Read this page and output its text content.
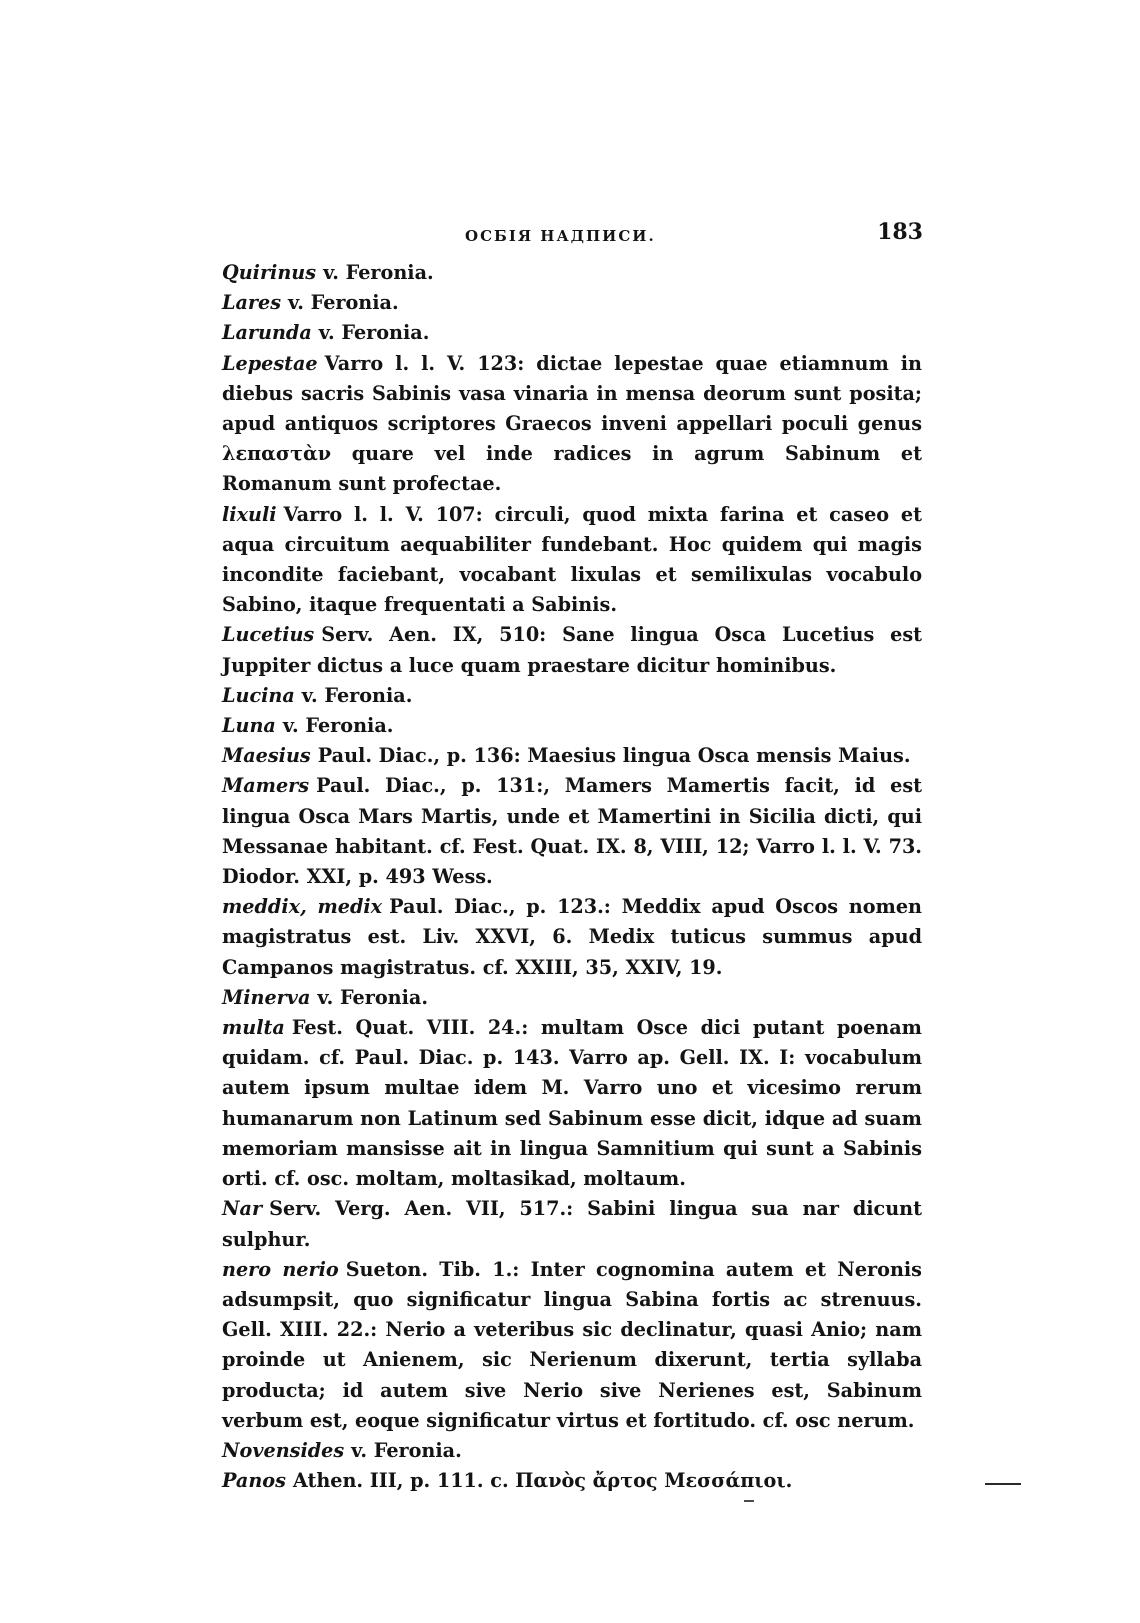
ОСБІЯ НАДПИСИ.	183

Quirinus v. Feronia.

Lares v. Feronia.

Larunda v. Feronia.

Lepestae Varro l. l. V. 123: dictae lepestae quae etiamnum in diebus sacris Sabinis vasa vinaria in mensa deorum sunt posita; apud antiquos scriptores Graecos inveni appellari poculi genus λεπαστὰν quare vel inde radices in agrum Sabinum et Romanum sunt profectae.

lixuli Varro l. l. V. 107: circuli, quod mixta farina et caseo et aqua circuitum aequabiliter fundebant. Hoc quidem qui magis incondite faciebant, vocabant lixulas et semilixulas vocabulo Sabino, itaque frequentati a Sabinis.

Lucetius Serv. Aen. IX, 510: Sane lingua Osca Lucetius est Juppiter dictus a luce quam praestare dicitur hominibus.

Lucina v. Feronia.

Luna v. Feronia.

Maesius Paul. Diac., p. 136: Maesius lingua Osca mensis Maius.

Mamers Paul. Diac., p. 131:, Mamers Mamertis facit, id est lingua Osca Mars Martis, unde et Mamertini in Sicilia dicti, qui Messanae habitant. cf. Fest. Quat. IX. 8, VIII, 12; Varro l. l. V. 73. Diodor. XXI, p. 493 Wess.

meddix, medix Paul. Diac., p. 123.: Meddix apud Oscos nomen magistratus est. Liv. XXVI, 6. Medix tuticus summus apud Campanos magistratus. cf. XXIII, 35, XXIV, 19.

Minerva v. Feronia.

multa Fest. Quat. VIII. 24.: multam Osce dici putant poenam quidam. cf. Paul. Diac. p. 143. Varro ap. Gell. IX. I: vocabulum autem ipsum multae idem M. Varro uno et vicesimo rerum humanarum non Latinum sed Sabinum esse dicit, idque ad suam memoriam mansisse ait in lingua Samnitium qui sunt a Sabinis orti. cf. osc. moltam, moltasikad, moltaum.

Nar Serv. Verg. Aen. VII, 517.: Sabini lingua sua nar dicunt sulphur.

nero nerio Sueton. Tib. 1.: Inter cognomina autem et Neronis adsumpsit, quo significatur lingua Sabina fortis ac strenuus. Gell. XIII. 22.: Nerio a veteribus sic declinatur, quasi Anio; nam proinde ut Anienem, sic Nerienum dixerunt, tertia syllaba producta; id autem sive Nerio sive Nerienes est, Sabinum verbum est, eoque significatur virtus et fortitudo. cf. osc nerum.

Novensides v. Feronia.

Panos Athen. III, p. 111. c. Πανὸς ἄρτος Μεσσάπιοι.
